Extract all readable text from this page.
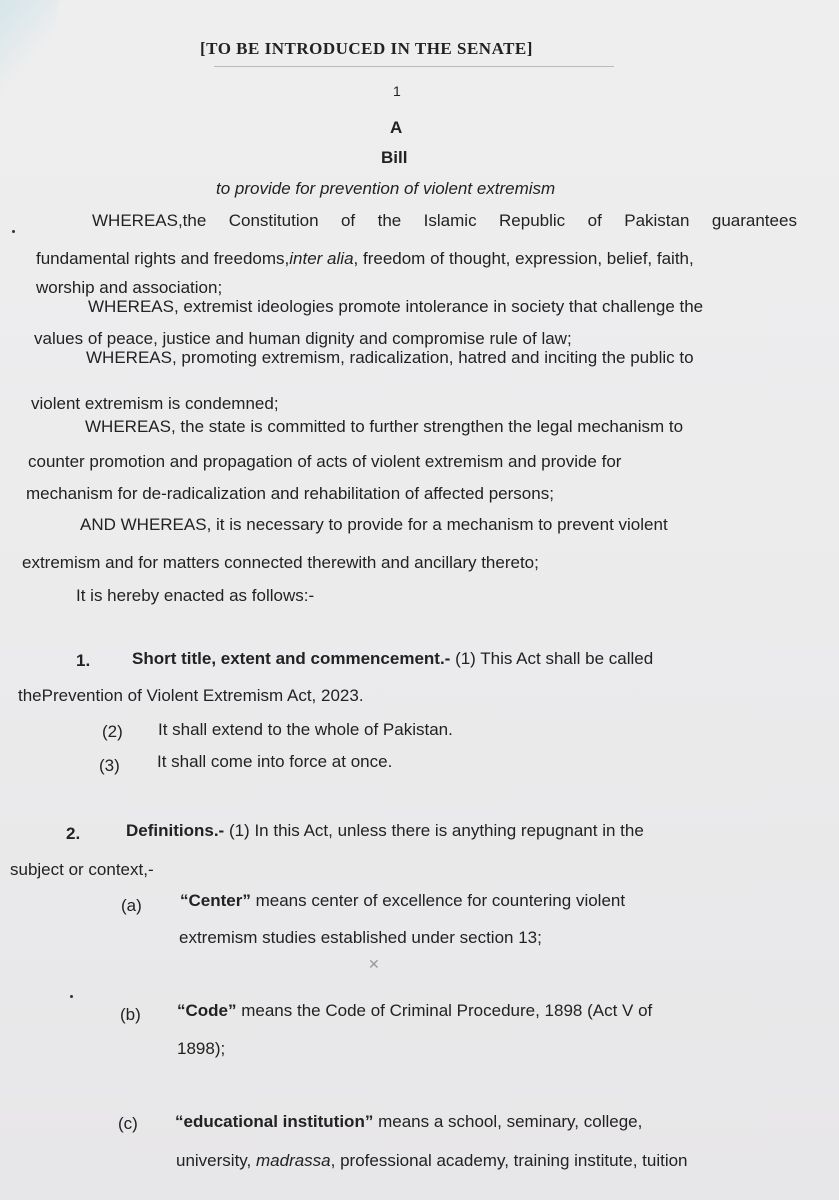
[TO BE INTRODUCED IN THE SENATE]
1
A
Bill
to provide for prevention of violent extremism
WHEREAS,the Constitution of the Islamic Republic of Pakistan guarantees
fundamental rights and freedoms,inter alia, freedom of thought, expression, belief, faith,
worship and association;
WHEREAS, extremist ideologies promote intolerance in society that challenge the
values of peace, justice and human dignity and compromise rule of law;
WHEREAS, promoting extremism, radicalization, hatred and inciting the public to
violent extremism is condemned;
WHEREAS, the state is committed to further strengthen the legal mechanism to
counter promotion and propagation of acts of violent extremism and provide for
mechanism for de-radicalization and rehabilitation of affected persons;
AND WHEREAS, it is necessary to provide for a mechanism to prevent violent
extremism and for matters connected therewith and ancillary thereto;
It is hereby enacted as follows:-
1. Short title, extent and commencement.- (1) This Act shall be called
thePrevention of Violent Extremism Act, 2023.
(2) It shall extend to the whole of Pakistan.
(3) It shall come into force at once.
2.	Definitions.- (1) In this Act, unless there is anything repugnant in the
subject or context,-
(a) “Center” means center of excellence for countering violent
extremism studies established under section 13;
✕
(b) “Code” means the Code of Criminal Procedure, 1898 (Act V of
1898);
(c) “educational institution” means a school, seminary, college,
university, madrassa, professional academy, training institute, tuition
